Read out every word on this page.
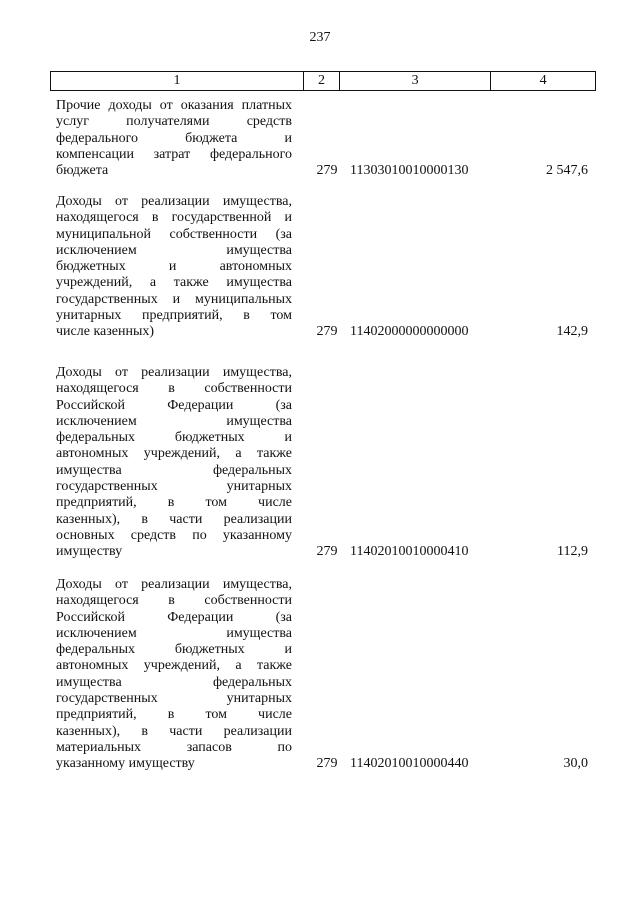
237
1	2	3	4
Прочие доходы от оказания платных
услуг получателями средств
федерального бюджета и
компенсации затрат федерального
бюджета	279 11303010010000130	2 547,6
Доходы от реализации имущества,
находящегося в государственной и
муниципальной собственности (за
исключением имущества
бюджетных и автономных
учреждений, а также имущества
государственных и муниципальных
унитарных предприятий, в том
числе казенных)	279 11402000000000000	142,9
Доходы от реализации имущества,
находящегося в собственности
Российской Федерации (за
исключением имущества
федеральных бюджетных и
автономных учреждений, а также
имущества федеральных
государственных унитарных
предприятий, в том числе
казенных), в части реализации
основных средств по указанному
имуществу	279 11402010010000410	112,9
Доходы от реализации имущества,
находящегося в собственности
Российской Федерации (за
исключением имущества
федеральных бюджетных и
автономных учреждений, а также
имущества федеральных
государственных унитарных
предприятий, в том числе
казенных), в части реализации
материальных запасов по
указанному имуществу	279 11402010010000440	30,0
